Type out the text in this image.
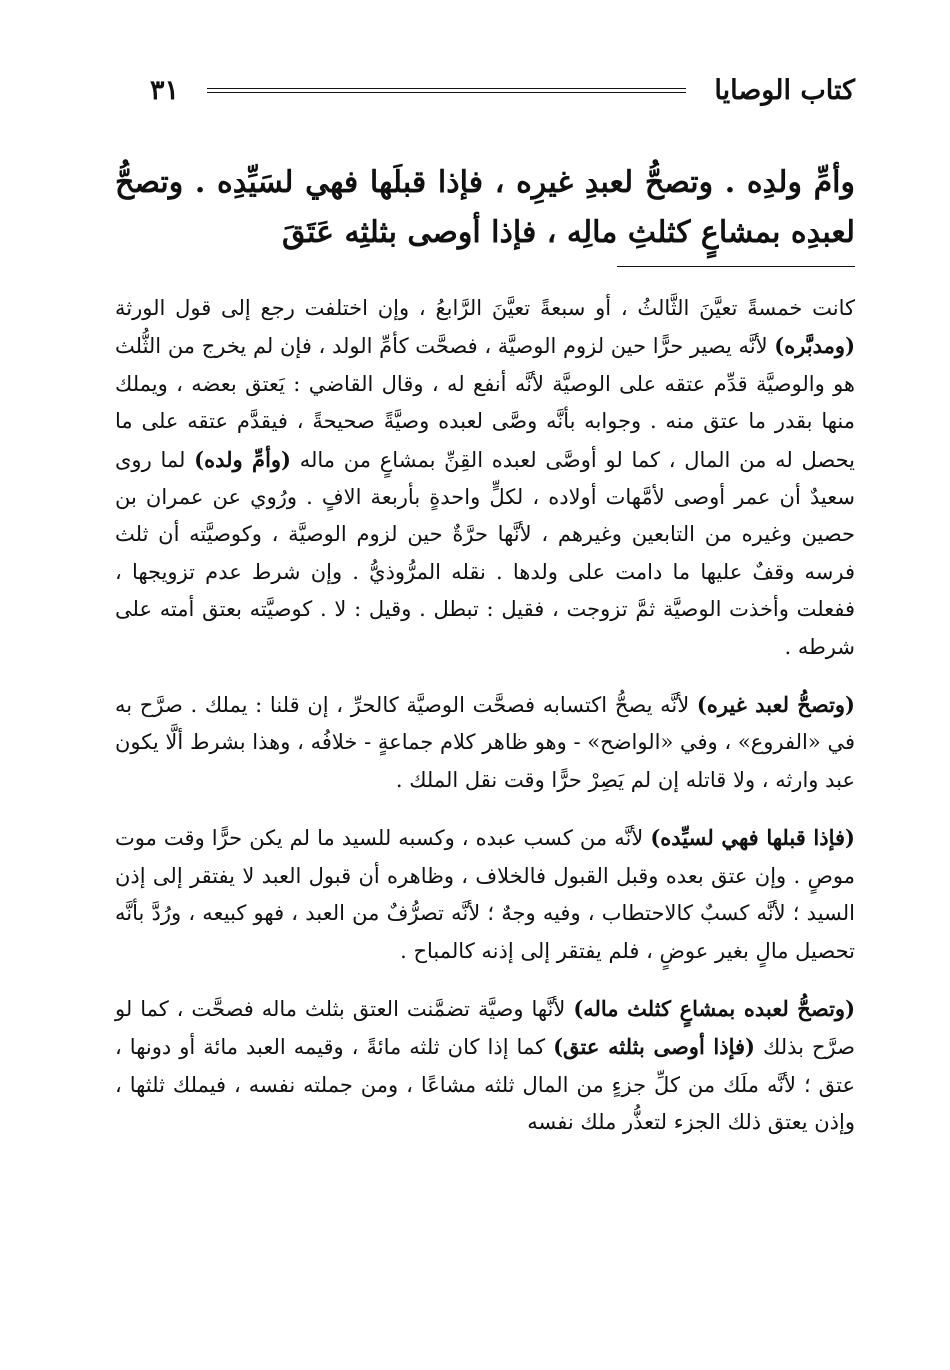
كتاب الوصايا
٣١
وأمِّ ولدِه . وتصحُّ لعبدِ غيرِه ، فإذا قبلَها فهي لسَيِّدِه . وتصحُّ لعبدِه بمشاعٍ كثلثِ مالِه ، فإذا أوصى بثلثِه عَتَقَ

كانت خمسةً تعيَّنَ الثَّالثُ ، أو سبعةً تعيَّنَ الرَّابعُ ، وإن اختلفت رجع إلى قول الورثة (ومدبَّره) لأنَّه يصير حرًّا حين لزوم الوصيَّة ، فصحَّت كأمِّ الولد ، فإن لم يخرج من الثُّلث هو والوصيَّة قدِّم عتقه على الوصيَّة لأنَّه أنفع له ، وقال القاضي : يَعتق بعضه ، ويملك منها بقدر ما عتق منه . وجوابه بأنَّه وصَّى لعبده وصيَّةً صحيحةً ، فيقدَّم عتقه على ما يحصل له من المال ، كما لو أوصَّى لعبده القِنِّ بمشاعٍ من ماله (وأمِّ ولده) لما روى سعيدٌ أن عمر أوصى لأمَّهات أولاده ، لكلٍّ واحدةٍ بأربعة الافٍ . ورُوي عن عمران بن حصين وغيره من التابعين وغيرهم ، لأنَّها حرَّةٌ حين لزوم الوصيَّة ، وكوصيَّته أن ثلث فرسه وقفٌ عليها ما دامت على ولدها . نقله المرُّوذيُّ . وإن شرط عدم تزويجها ، ففعلت وأخذت الوصيَّة ثمَّ تزوجت ، فقيل : تبطل . وقيل : لا . كوصيَّته بعتق أمته على شرطه .

(وتصحُّ لعبد غيره) لأنَّه يصحُّ اكتسابه فصحَّت الوصيَّة كالحرِّ ، إن قلنا : يملك . صرَّح به في «الفروع» ، وفي «الواضح» - وهو ظاهر كلام جماعةٍ - خلافُه ، وهذا بشرط ألَّا يكون عبد وارثه ، ولا قاتله إن لم يَصِرْ حرًّا وقت نقل الملك .

(فإذا قبلها فهي لسيِّده) لأنَّه من كسب عبده ، وكسبه للسيد ما لم يكن حرًّا وقت موت موصٍ . وإن عتق بعده وقبل القبول فالخلاف ، وظاهره أن قبول العبد لا يفتقر إلى إذن السيد ؛ لأنَّه كسبٌ كالاحتطاب ، وفيه وجهٌ ؛ لأنَّه تصرُّفٌ من العبد ، فهو كبيعه ، ورُدَّ بأنَّه تحصيل مالٍ بغير عوضٍ ، فلم يفتقر إلى إذنه كالمباح .

(وتصحُّ لعبده بمشاعٍ كثلث ماله) لأنَّها وصيَّة تضمَّنت العتق بثلث ماله فصحَّت ، كما لو صرَّح بذلك (فإذا أوصى بثلثه عتق) كما إذا كان ثلثه مائةً ، وقيمه العبد مائة أو دونها ، عتق ؛ لأنَّه ملَك من كلِّ جزءٍ من المال ثلثه مشاعًا ، ومن جملته نفسه ، فيملك ثلثها ، وإذن يعتق ذلك الجزء لتعذُّر ملك نفسه
